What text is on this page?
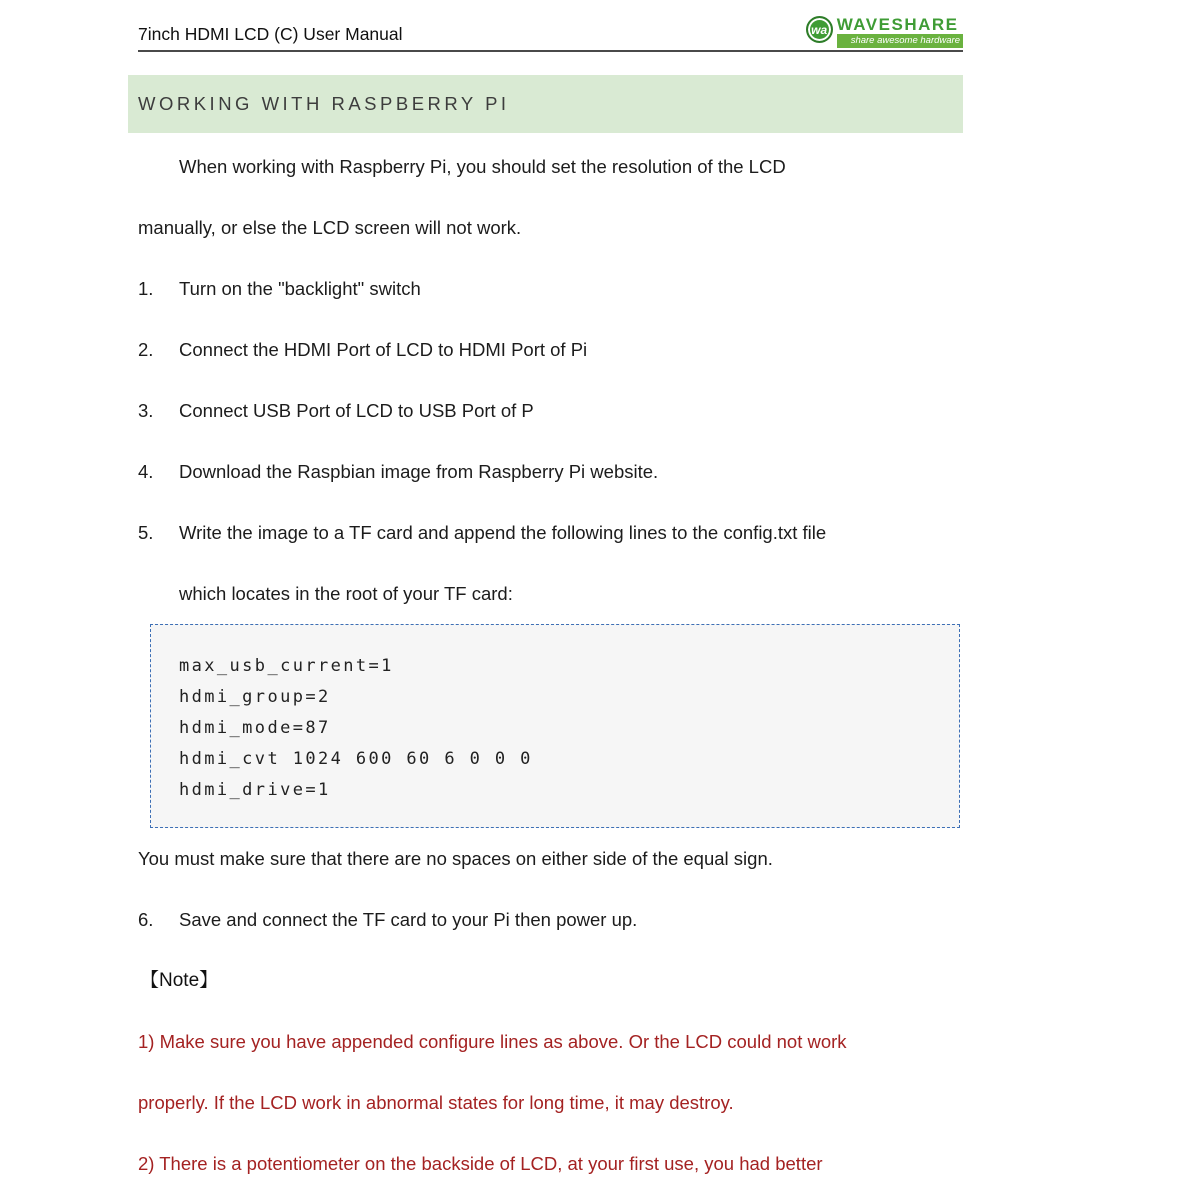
7inch HDMI LCD (C) User Manual	wa WAVESHARE
share awesome hardware
WORKING WITH RASPBERRY PI
When working with Raspberry Pi, you should set the resolution of the LCD
manually, or else the LCD screen will not work.
1.	Turn on the "backlight" switch
2.	Connect the HDMI Port of LCD to HDMI Port of Pi
3.	Connect USB Port of LCD to USB Port of P
4.	Download the Raspbian image from Raspberry Pi website.
5.	Write the image to a TF card and append the following lines to the config.txt file
which locates in the root of your TF card:
max_usb_current=1
hdmi_group=2
hdmi_mode=87
hdmi_cvt 1024 600 60 6 0 0 0
hdmi_drive=1
You must make sure that there are no spaces on either side of the equal sign.
6.	Save and connect the TF card to your Pi then power up.
【Note】
1) Make sure you have appended configure lines as above. Or the LCD could not work
properly. If the LCD work in abnormal states for long time, it may destroy.
2) There is a potentiometer on the backside of LCD, at your first use, you had better
